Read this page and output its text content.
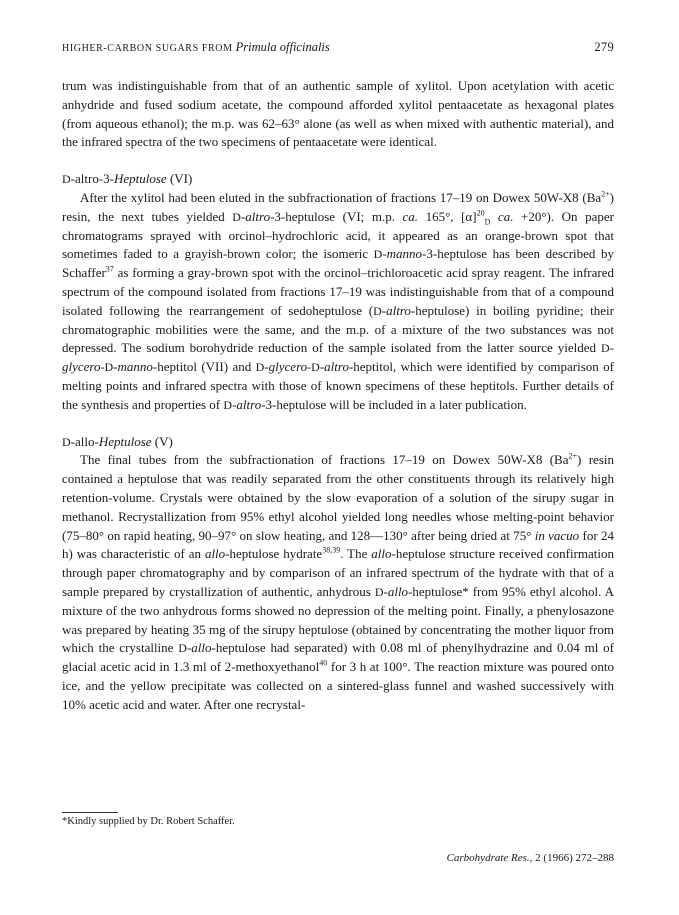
HIGHER-CARBON SUGARS FROM Primula officinalis	279

trum was indistinguishable from that of an authentic sample of xylitol. Upon acetylation with acetic anhydride and fused sodium acetate, the compound afforded xylitol pentaacetate as hexagonal plates (from aqueous ethanol); the m.p. was 62–63° alone (as well as when mixed with authentic material), and the infrared spectra of the two specimens of pentaacetate were identical.

D-altro-3-Heptulose (VI)

After the xylitol had been eluted in the subfractionation of fractions 17–19 on Dowex 50W-X8 $(Ba^{2+})$ resin, the next tubes yielded D-altro-3-heptulose (VI; m.p. ca. 165°, $[\alpha]^{20}_D$ ca. +20°). On paper chromatograms sprayed with orcinol–hydrochloric acid, it appeared as an orange-brown spot that sometimes faded to a grayish-brown color; the isomeric D-manno-3-heptulose has been described by Schaffer$^{37}$ as forming a gray-brown spot with the orcinol–trichloroacetic acid spray reagent. The infrared spectrum of the compound isolated from fractions 17–19 was indistinguishable from that of a compound isolated following the rearrangement of sedoheptulose (D-altro-heptulose) in boiling pyridine; their chromatographic mobilities were the same, and the m.p. of a mixture of the two substances was not depressed. The sodium borohydride reduction of the sample isolated from the latter source yielded D-glycero-D-manno-heptitol (VII) and D-glycero-D-altro-heptitol, which were identified by comparison of melting points and infrared spectra with those of known specimens of these heptitols. Further details of the synthesis and properties of D-altro-3-heptulose will be included in a later publication.

D-allo-Heptulose (V)

The final tubes from the subfractionation of fractions 17–19 on Dowex 50W-X8 $(Ba^{2+})$ resin contained a heptulose that was readily separated from the other constituents through its relatively high retention-volume. Crystals were obtained by the slow evaporation of a solution of the sirupy sugar in methanol. Recrystallization from 95% ethyl alcohol yielded long needles whose melting-point behavior (75–80° on rapid heating, 90–97° on slow heating, and 128—130° after being dried at 75° in vacuo for 24 h) was characteristic of an allo-heptulose hydrate$^{38,39}$. The allo-heptulose structure received confirmation through paper chromatography and by comparison of an infrared spectrum of the hydrate with that of a sample prepared by crystallization of authentic, anhydrous D-allo-heptulose* from 95% ethyl alcohol. A mixture of the two anhydrous forms showed no depression of the melting point. Finally, a phenylosazone was prepared by heating 35 mg of the sirupy heptulose (obtained by concentrating the mother liquor from which the crystalline D-allo-heptulose had separated) with 0.08 ml of phenylhydrazine and 0.04 ml of glacial acetic acid in 1.3 ml of 2-methoxyethanol$^{40}$ for 3 h at 100°. The reaction mixture was poured onto ice, and the yellow precipitate was collected on a sintered-glass funnel and washed successively with 10% acetic acid and water. After one recrystal-

*Kindly supplied by Dr. Robert Schaffer.
Carbohydrate Res., 2 (1966) 272–288
